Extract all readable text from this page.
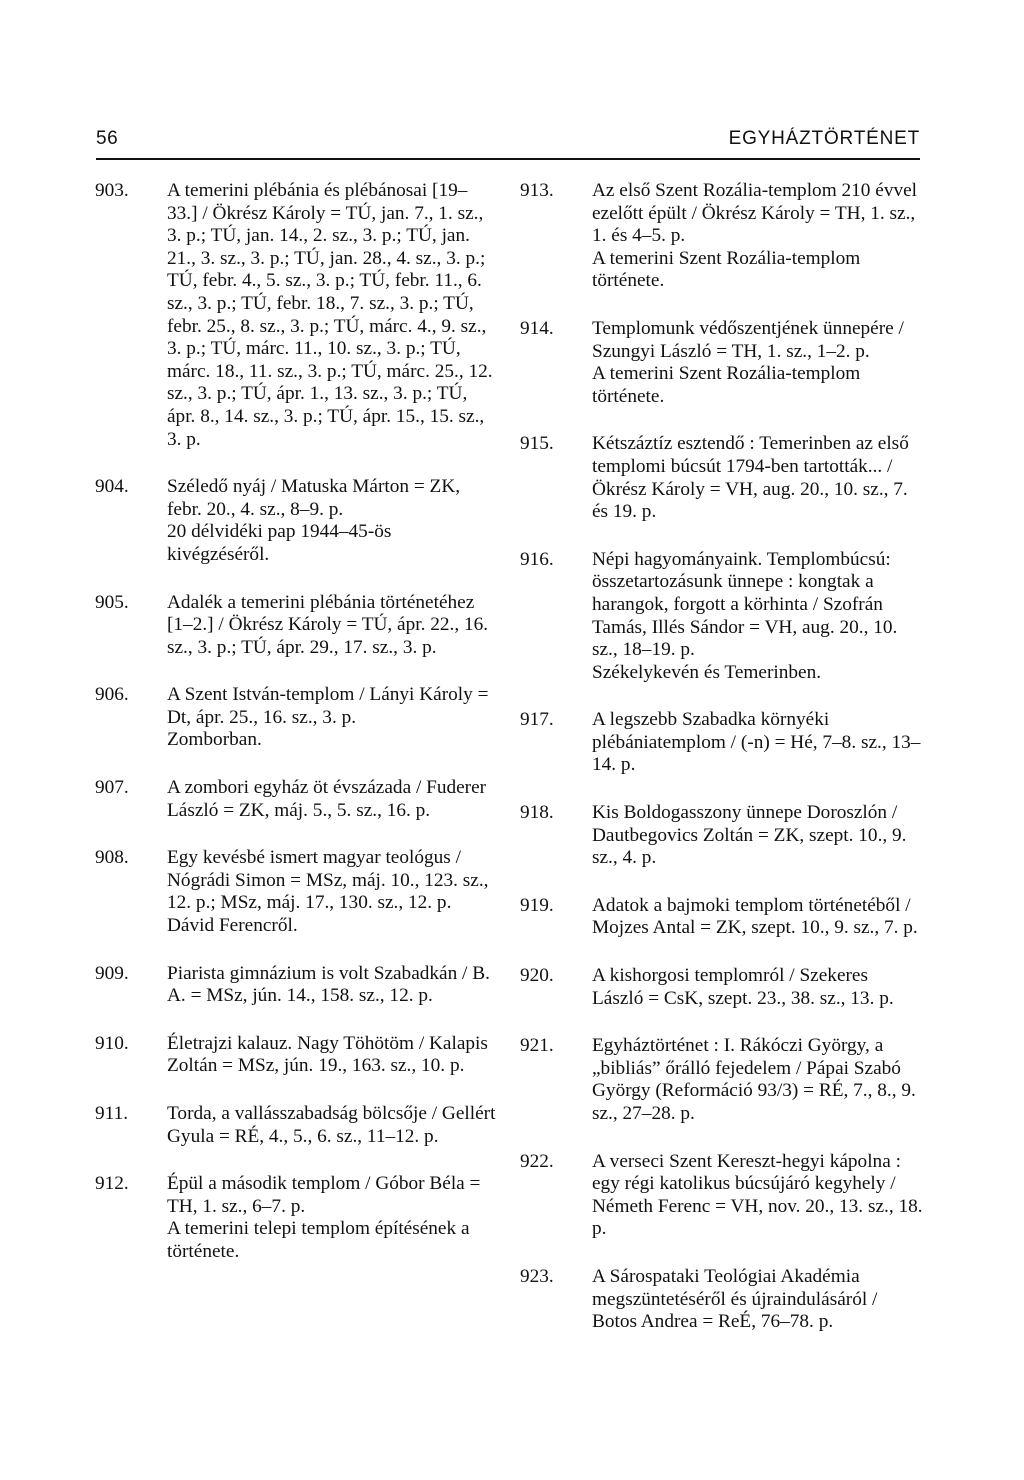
56	EGYHÁZTÖRTÉNET
903.	A temerini plébánia és plébánosai [19–33.] / Ökrész Károly = TÚ, jan. 7., 1. sz., 3. p.; TÚ, jan. 14., 2. sz., 3. p.; TÚ, jan. 21., 3. sz., 3. p.; TÚ, jan. 28., 4. sz., 3. p.; TÚ, febr. 4., 5. sz., 3. p.; TÚ, febr. 11., 6. sz., 3. p.; TÚ, febr. 18., 7. sz., 3. p.; TÚ, febr. 25., 8. sz., 3. p.; TÚ, márc. 4., 9. sz., 3. p.; TÚ, márc. 11., 10. sz., 3. p.; TÚ, márc. 18., 11. sz., 3. p.; TÚ, márc. 25., 12. sz., 3. p.; TÚ, ápr. 1., 13. sz., 3. p.; TÚ, ápr. 8., 14. sz., 3. p.; TÚ, ápr. 15., 15. sz., 3. p.
904.	Széledő nyáj / Matuska Márton = ZK, febr. 20., 4. sz., 8–9. p.
20 délvidéki pap 1944–45-ös kivégzéséről.
905.	Adalék a temerini plébánia történetéhez [1–2.] / Ökrész Károly = TÚ, ápr. 22., 16. sz., 3. p.; TÚ, ápr. 29., 17. sz., 3. p.
906.	A Szent István-templom / Lányi Károly = Dt, ápr. 25., 16. sz., 3. p.
Zomborban.
907.	A zombori egyház öt évszázada / Fuderer László = ZK, máj. 5., 5. sz., 16. p.
908.	Egy kevésbé ismert magyar teológus / Nógrádi Simon = MSz, máj. 10., 123. sz., 12. p.; MSz, máj. 17., 130. sz., 12. p.
Dávid Ferencről.
909.	Piarista gimnázium is volt Szabadkán / B. A. = MSz, jún. 14., 158. sz., 12. p.
910.	Életrajzi kalauz. Nagy Töhötöm / Kalapis Zoltán = MSz, jún. 19., 163. sz., 10. p.
911.	Torda, a vallásszabadság bölcsője / Gellért Gyula = RÉ, 4., 5., 6. sz., 11–12. p.
912.	Épül a második templom / Góbor Béla = TH, 1. sz., 6–7. p.
A temerini telepi templom építésének a története.
913.	Az első Szent Rozália-templom 210 évvel ezelőtt épült / Ökrész Károly = TH, 1. sz., 1. és 4–5. p.
A temerini Szent Rozália-templom története.
914.	Templomunk védőszentjének ünnepére / Szungyi László = TH, 1. sz., 1–2. p.
A temerini Szent Rozália-templom története.
915.	Kétszáztíz esztendő : Temerinben az első templomi búcsút 1794-ben tartották... / Ökrész Károly = VH, aug. 20., 10. sz., 7. és 19. p.
916.	Népi hagyományaink. Templombúcsú: összetartozásunk ünnepe : kongtak a harangok, forgott a körhinta / Szofrán Tamás, Illés Sándor = VH, aug. 20., 10. sz., 18–19. p.
Székelykevén és Temerinben.
917.	A legszebb Szabadka környéki plébániatemplom / (-n) = Hé, 7–8. sz., 13–14. p.
918.	Kis Boldogasszony ünnepe Doroszlón / Dautbegovics Zoltán = ZK, szept. 10., 9. sz., 4. p.
919.	Adatok a bajmoki templom történetéből / Mojzes Antal = ZK, szept. 10., 9. sz., 7. p.
920.	A kishorgosi templomról / Szekeres László = CsK, szept. 23., 38. sz., 13. p.
921.	Egyháztörténet : I. Rákóczi György, a „bibliás” őrálló fejedelem / Pápai Szabó György (Reformáció 93/3) = RÉ, 7., 8., 9. sz., 27–28. p.
922.	A verseci Szent Kereszt-hegyi kápolna : egy régi katolikus búcsújáró kegyhely / Németh Ferenc = VH, nov. 20., 13. sz., 18. p.
923.	A Sárospataki Teológiai Akadémia megszüntetéséről és újraindulásáról / Botos Andrea = ReÉ, 76–78. p.
